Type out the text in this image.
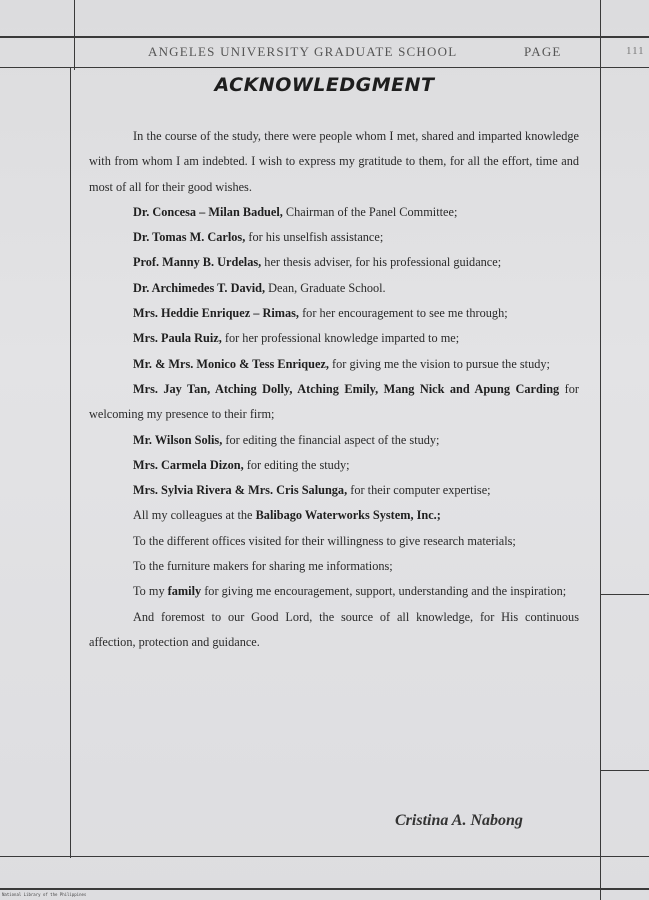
ANGELES UNIVERSITY GRADUATE SCHOOL	PAGE	111
ACKNOWLEDGMENT

In the course of the study, there were people whom I met, shared and imparted knowledge with from whom I am indebted. I wish to express my gratitude to them, for all the effort, time and most of all for their good wishes.

Dr. Concesa – Milan Baduel, Chairman of the Panel Committee;

Dr. Tomas M. Carlos, for his unselfish assistance;

Prof. Manny B. Urdelas, her thesis adviser, for his professional guidance;

Dr. Archimedes T. David, Dean, Graduate School.

Mrs. Heddie Enriquez – Rimas, for her encouragement to see me through;

Mrs. Paula Ruiz, for her professional knowledge imparted to me;

Mr. & Mrs. Monico & Tess Enriquez, for giving me the vision to pursue the study;

Mrs. Jay Tan, Atching Dolly, Atching Emily, Mang Nick and Apung Carding for welcoming my presence to their firm;

Mr. Wilson Solis, for editing the financial aspect of the study;

Mrs. Carmela Dizon, for editing the study;

Mrs. Sylvia Rivera & Mrs. Cris Salunga, for their computer expertise;

All my colleagues at the Balibago Waterworks System, Inc.;

To the different offices visited for their willingness to give research materials;

To the furniture makers for sharing me informations;

To my family for giving me encouragement, support, understanding and the inspiration;

And foremost to our Good Lord, the source of all knowledge, for His continuous affection, protection and guidance.

Cristina A. Nabong
National Library of the Philippines
